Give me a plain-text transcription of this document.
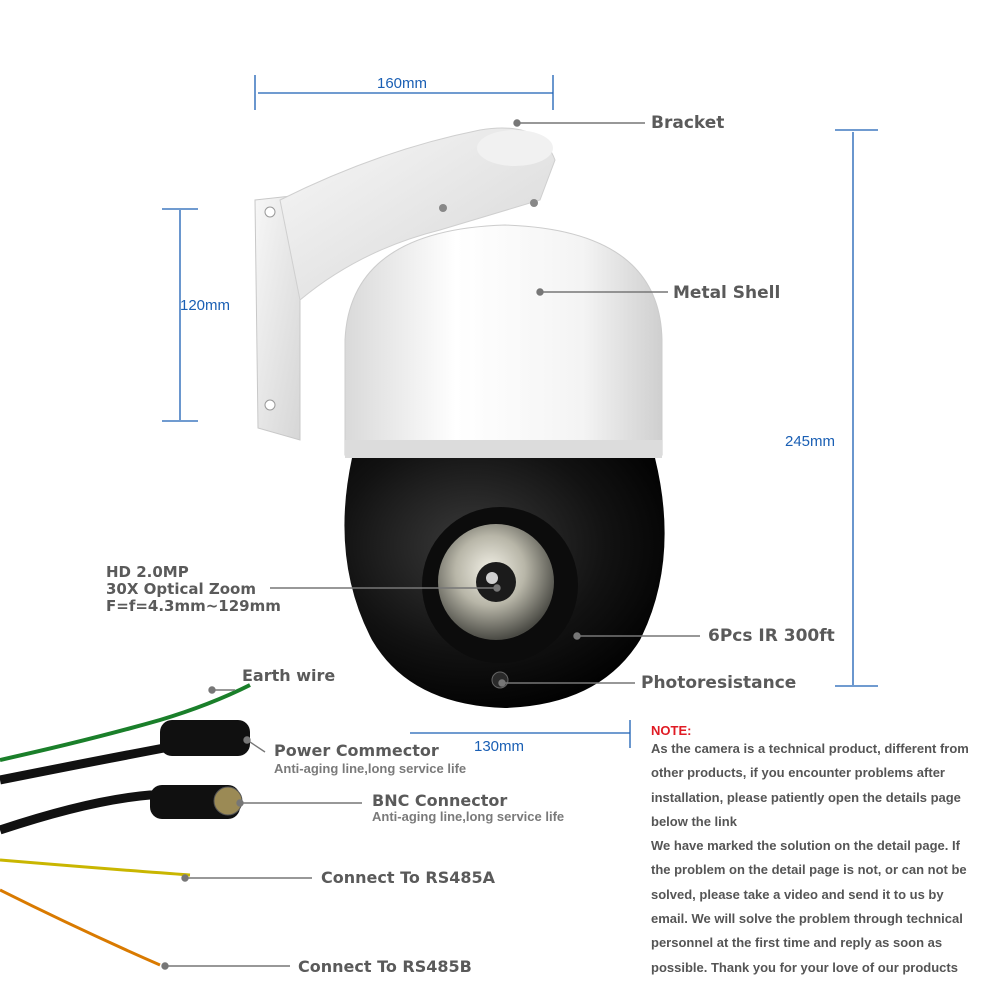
160mm
120mm
245mm
130mm
Bracket
Metal Shell
6Pcs IR 300ft
Photoresistance
Earth wire

HD 2.0MP

30X Optical Zoom

F=f=4.3mm~129mm

Power Commector
Anti-aging line,long service life
BNC Connector
Anti-aging line,long service life
Connect To RS485A
Connect To RS485B
NOTE:

As the camera is a technical product, different from other products, if you encounter problems after installation, please patiently open the details page below the link

We have marked the solution on the detail page. If the problem on the detail page is not, or can not be solved, please take a video and send it to us by email. We will solve the problem through technical personnel at the first time and reply as soon as possible. Thank you for your love of our products
